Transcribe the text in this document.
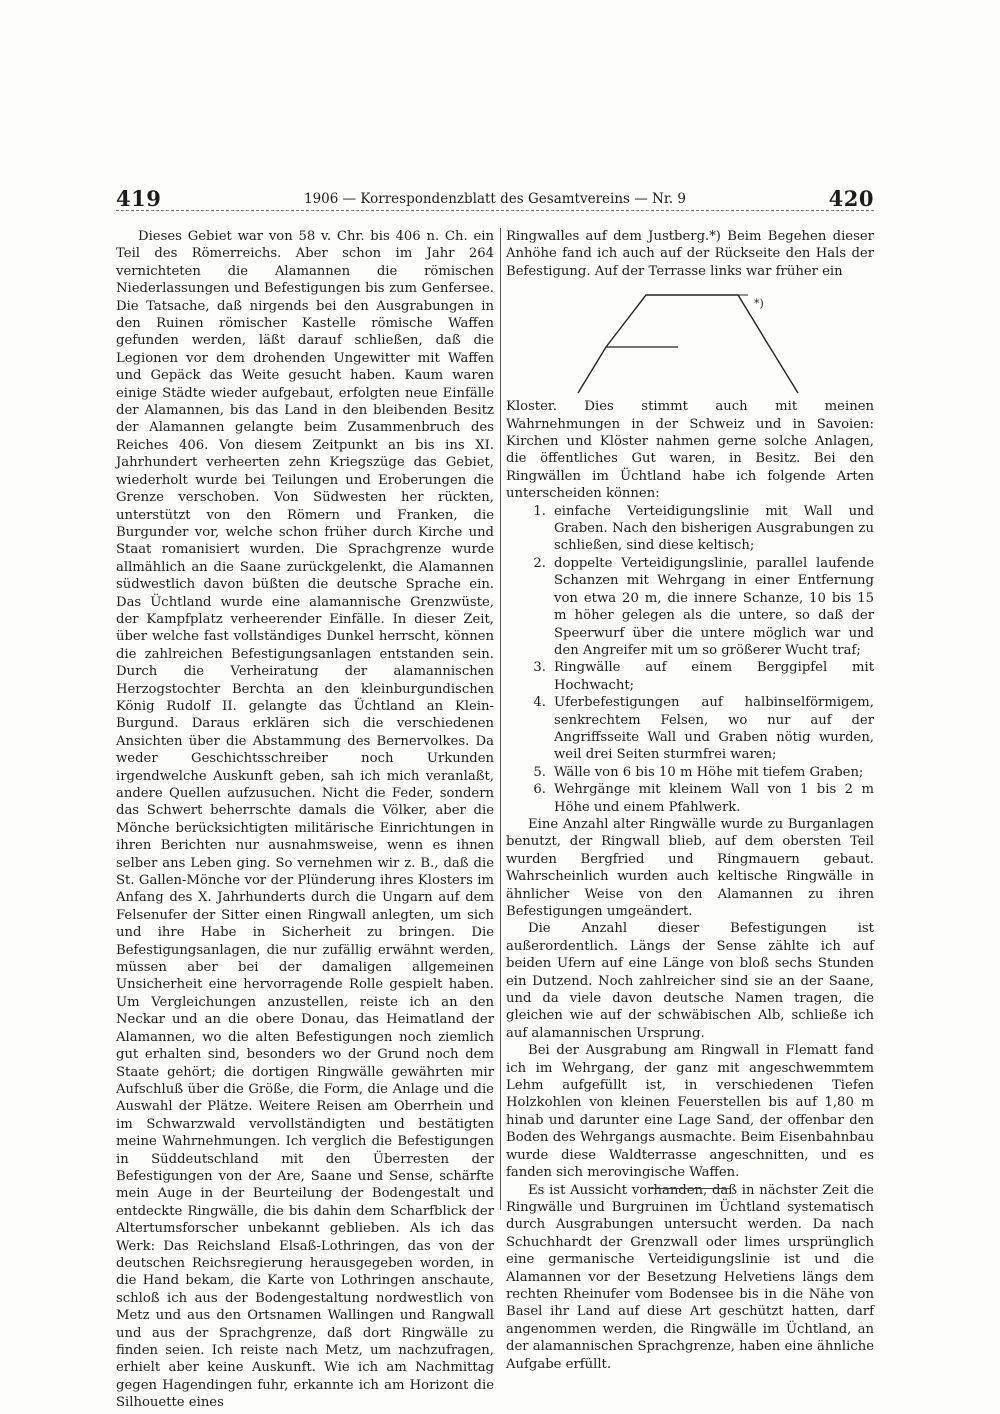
419	1906 — Korrespondenzblatt des Gesamtvereins — Nr. 9	420

Dieses Gebiet war von 58 v. Chr. bis 406 n. Ch. ein Teil des Römerreichs. Aber schon im Jahr 264 vernichteten die Alamannen die römischen Niederlassungen und Befestigungen bis zum Genfersee. Die Tatsache, daß nirgends bei den Ausgrabungen in den Ruinen römischer Kastelle römische Waffen gefunden werden, läßt darauf schließen, daß die Legionen vor dem drohenden Ungewitter mit Waffen und Gepäck das Weite gesucht haben. Kaum waren einige Städte wieder aufgebaut, erfolgten neue Einfälle der Alamannen, bis das Land in den bleibenden Besitz der Alamannen gelangte beim Zusammenbruch des Reiches 406. Von diesem Zeitpunkt an bis ins XI. Jahrhundert verheerten zehn Kriegszüge das Gebiet, wiederholt wurde bei Teilungen und Eroberungen die Grenze verschoben. Von Südwesten her rückten, unterstützt von den Römern und Franken, die Burgunder vor, welche schon früher durch Kirche und Staat romanisiert wurden. Die Sprachgrenze wurde allmählich an die Saane zurückgelenkt, die Alamannen südwestlich davon büßten die deutsche Sprache ein. Das Üchtland wurde eine alamannische Grenzwüste, der Kampfplatz verheerender Einfälle. In dieser Zeit, über welche fast vollständiges Dunkel herrscht, können die zahlreichen Befestigungsanlagen entstanden sein. Durch die Verheiratung der alamannischen Herzogstochter Berchta an den kleinburgundischen König Rudolf II. gelangte das Üchtland an Klein-Burgund. Daraus erklären sich die verschiedenen Ansichten über die Abstammung des Bernervolkes. Da weder Geschichtsschreiber noch Urkunden irgendwelche Auskunft geben, sah ich mich veranlaßt, andere Quellen aufzusuchen. Nicht die Feder, sondern das Schwert beherrschte damals die Völker, aber die Mönche berücksichtigten militärische Einrichtungen in ihren Berichten nur ausnahmsweise, wenn es ihnen selber ans Leben ging. So vernehmen wir z. B., daß die St. Gallen-Mönche vor der Plünderung ihres Klosters im Anfang des X. Jahrhunderts durch die Ungarn auf dem Felsenufer der Sitter einen Ringwall anlegten, um sich und ihre Habe in Sicherheit zu bringen. Die Befestigungsanlagen, die nur zufällig erwähnt werden, müssen aber bei der damaligen allgemeinen Unsicherheit eine hervorragende Rolle gespielt haben. Um Vergleichungen anzustellen, reiste ich an den Neckar und an die obere Donau, das Heimatland der Alamannen, wo die alten Befestigungen noch ziemlich gut erhalten sind, besonders wo der Grund noch dem Staate gehört; die dortigen Ringwälle gewährten mir Aufschluß über die Größe, die Form, die Anlage und die Auswahl der Plätze. Weitere Reisen am Oberrhein und im Schwarzwald vervollständigten und bestätigten meine Wahrnehmungen. Ich verglich die Befestigungen in Süddeutschland mit den Überresten der Befestigungen von der Are, Saane und Sense, schärfte mein Auge in der Beurteilung der Bodengestalt und entdeckte Ringwälle, die bis dahin dem Scharfblick der Altertumsforscher unbekannt geblieben. Als ich das Werk: Das Reichsland Elsaß-Lothringen, das von der deutschen Reichsregierung herausgegeben worden, in die Hand bekam, die Karte von Lothringen anschaute, schloß ich aus der Bodengestaltung nordwestlich von Metz und aus den Ortsnamen Wallingen und Rangwall und aus der Sprachgrenze, daß dort Ringwälle zu finden seien. Ich reiste nach Metz, um nachzufragen, erhielt aber keine Auskunft. Wie ich am Nachmittag gegen Hagendingen fuhr, erkannte ich am Horizont die Silhouette eines

Ringwalles auf dem Justberg.*) Beim Begehen dieser Anhöhe fand ich auch auf der Rückseite den Hals der Befestigung. Auf der Terrasse links war früher ein

*)

Kloster. Dies stimmt auch mit meinen Wahrnehmungen in der Schweiz und in Savoien: Kirchen und Klöster nahmen gerne solche Anlagen, die öffentliches Gut waren, in Besitz. Bei den Ringwällen im Üchtland habe ich folgende Arten unterscheiden können:

1. einfache Verteidigungslinie mit Wall und Graben. Nach den bisherigen Ausgrabungen zu schließen, sind diese keltisch;
2. doppelte Verteidigungslinie, parallel laufende Schanzen mit Wehrgang in einer Entfernung von etwa 20 m, die innere Schanze, 10 bis 15 m höher gelegen als die untere, so daß der Speerwurf über die untere möglich war und den Angreifer mit um so größerer Wucht traf;
3. Ringwälle auf einem Berggipfel mit Hochwacht;
4. Uferbefestigungen auf halbinselförmigem, senkrechtem Felsen, wo nur auf der Angriffsseite Wall und Graben nötig wurden, weil drei Seiten sturmfrei waren;
5. Wälle von 6 bis 10 m Höhe mit tiefem Graben;
6. Wehrgänge mit kleinem Wall von 1 bis 2 m Höhe und einem Pfahlwerk.

Eine Anzahl alter Ringwälle wurde zu Burganlagen benutzt, der Ringwall blieb, auf dem obersten Teil wurden Bergfried und Ringmauern gebaut. Wahrscheinlich wurden auch keltische Ringwälle in ähnlicher Weise von den Alamannen zu ihren Befestigungen umgeändert.

Die Anzahl dieser Befestigungen ist außerordentlich. Längs der Sense zählte ich auf beiden Ufern auf eine Länge von bloß sechs Stunden ein Dutzend. Noch zahlreicher sind sie an der Saane, und da viele davon deutsche Namen tragen, die gleichen wie auf der schwäbischen Alb, schließe ich auf alamannischen Ursprung.

Bei der Ausgrabung am Ringwall in Flematt fand ich im Wehrgang, der ganz mit angeschwemmtem Lehm aufgefüllt ist, in verschiedenen Tiefen Holzkohlen von kleinen Feuerstellen bis auf 1,80 m hinab und darunter eine Lage Sand, der offenbar den Boden des Wehrgangs ausmachte. Beim Eisenbahnbau wurde diese Waldterrasse angeschnitten, und es fanden sich merovingische Waffen.

Es ist Aussicht vorhanden, daß in nächster Zeit die Ringwälle und Burgruinen im Üchtland systematisch durch Ausgrabungen untersucht werden. Da nach Schuchhardt der Grenzwall oder limes ursprünglich eine germanische Verteidigungslinie ist und die Alamannen vor der Besetzung Helvetiens längs dem rechten Rheinufer vom Bodensee bis in die Nähe von Basel ihr Land auf diese Art geschützt hatten, darf angenommen werden, die Ringwälle im Üchtland, an der alamannischen Sprachgrenze, haben eine ähnliche Aufgabe erfüllt.
